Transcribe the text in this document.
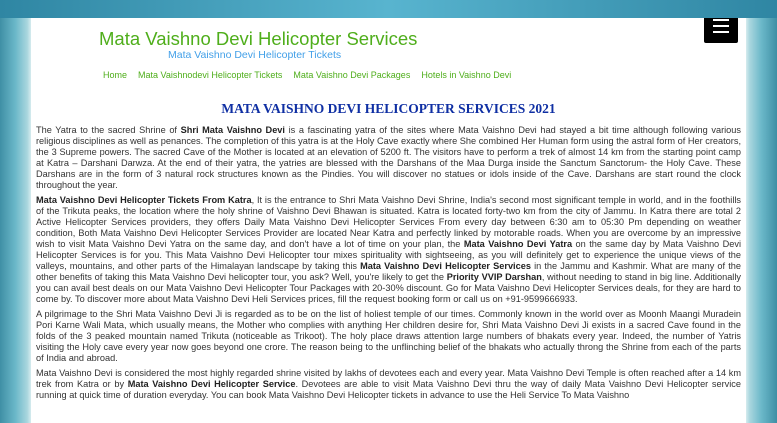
Mata Vaishno Devi Helicopter Services
Mata Vaishno Devi Helicopter Tickets
Home Mata Vaishnodevi Helicopter Tickets Mata Vaishno Devi Packages Hotels in Vaishno Devi
MATA VAISHNO DEVI HELICOPTER SERVICES 2021

The Yatra to the sacred Shrine of Shri Mata Vaishno Devi is a fascinating yatra of the sites where Mata Vaishno Devi had stayed a bit time although following various religious disciplines as well as penances. The completion of this yatra is at the Holy Cave exactly where She combined Her Human form using the astral form of Her creators, the 3 Supreme powers. The sacred Cave of the Mother is located at an elevation of 5200 ft. The visitors have to perform a trek of almost 14 km from the starting point camp at Katra – Darshani Darwza. At the end of their yatra, the yatries are blessed with the Darshans of the Maa Durga inside the Sanctum Sanctorum- the Holy Cave. These Darshans are in the form of 3 natural rock structures known as the Pindies. You will discover no statues or idols inside of the Cave. Darshans are start round the clock throughout the year.

Mata Vaishno Devi Helicopter Tickets From Katra, It is the entrance to Shri Mata Vaishno Devi Shrine, India's second most significant temple in world, and in the foothills of the Trikuta peaks, the location where the holy shrine of Vaishno Devi Bhawan is situated. Katra is located forty-two km from the city of Jammu. In Katra there are total 2 Active Helicopter Services providers, they offers Daily Mata Vaishno Devi Helicopter Services From every day between 6:30 am to 05:30 Pm depending on weather condition, Both Mata Vaishno Devi Helicopter Services Provider are located Near Katra and perfectly linked by motorable roads. When you are overcome by an impressive wish to visit Mata Vaishno Devi Yatra on the same day, and don't have a lot of time on your plan, the Mata Vaishno Devi Yatra on the same day by Mata Vaishno Devi Helicopter Services is for you. This Mata Vaishno Devi Helicopter tour mixes spirituality with sightseeing, as you will definitely get to experience the unique views of the valleys, mountains, and other parts of the Himalayan landscape by taking this Mata Vaishno Devi Helicopter Services in the Jammu and Kashmir. What are many of the other benefits of taking this Mata Vaishno Devi helicopter tour, you ask? Well, you're likely to get the Priority VVIP Darshan, without needing to stand in big line. Additionally you can avail best deals on our Mata Vaishno Devi Helicopter Tour Packages with 20-30% discount. Go for Mata Vaishno Devi Helicopter Services deals, for they are hard to come by. To discover more about Mata Vaishno Devi Heli Services prices, fill the request booking form or call us on +91-9599666933.

A pilgrimage to the Shri Mata Vaishno Devi Ji is regarded as to be on the list of holiest temple of our times. Commonly known in the world over as Moonh Maangi Muradein Pori Karne Wali Mata, which usually means, the Mother who complies with anything Her children desire for, Shri Mata Vaishno Devi Ji exists in a sacred Cave found in the folds of the 3 peaked mountain named Trikuta (noticeable as Trikoot). The holy place draws attention large numbers of bhakats every year. Indeed, the number of Yatris visiting the Holy cave every year now goes beyond one crore. The reason being to the unflinching belief of the bhakats who actually throng the Shrine from each of the parts of India and abroad.

Mata Vaishno Devi is considered the most highly regarded shrine visited by lakhs of devotees each and every year. Mata Vaishno Devi Temple is often reached after a 14 km trek from Katra or by Mata Vaishno Devi Helicopter Service. Devotees are able to visit Mata Vaishno Devi thru the way of daily Mata Vaishno Devi Helicopter service running at quick time of duration everyday. You can book Mata Vaishno Devi Helicopter tickets in advance to use the Heli Service To Mata Vaishno
